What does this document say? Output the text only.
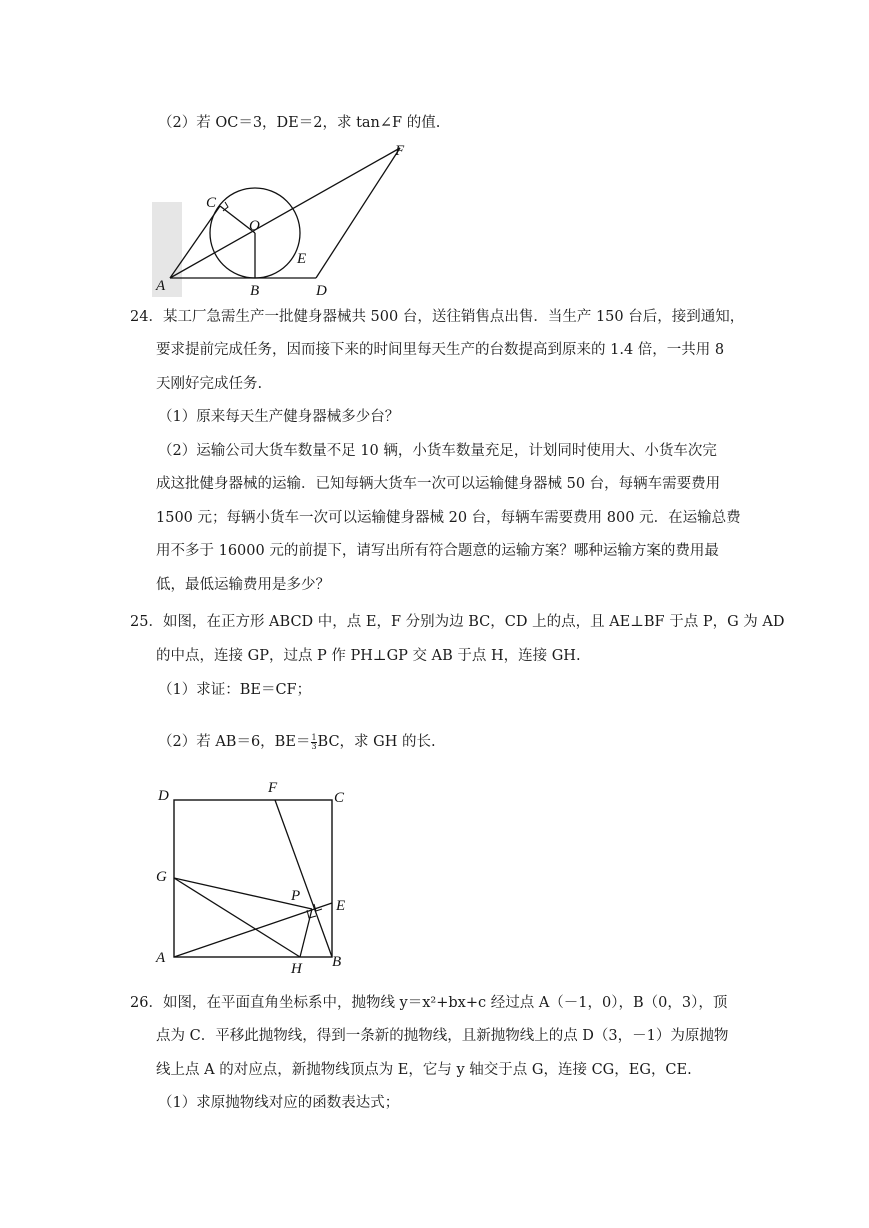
（2）若 OC＝3，DE＝2，求 tan∠F 的值.
C
O
F
E
A	B	D
24．某工厂急需生产一批健身器械共 500 台，送往销售点出售．当生产 150 台后，接到通知，
要求提前完成任务，因而接下来的时间里每天生产的台数提高到原来的 1.4 倍，一共用 8
天刚好完成任务.
（1）原来每天生产健身器械多少台？
（2）运输公司大货车数量不足 10 辆，小货车数量充足，计划同时使用大、小货车次完
成这批健身器械的运输．已知每辆大货车一次可以运输健身器械 50 台，每辆车需要费用
1500 元；每辆小货车一次可以运输健身器械 20 台，每辆车需要费用 800 元．在运输总费
用不多于 16000 元的前提下，请写出所有符合题意的运输方案？哪种运输方案的费用最
低，最低运输费用是多少？
25．如图，在正方形 ABCD 中，点 E，F 分别为边 BC，CD 上的点，且 AE⊥BF 于点 P，G 为 AD
的中点，连接 GP，过点 P 作 PH⊥GP 交 AB 于点 H，连接 GH.
（1）求证：BE＝CF；
（2）若 AB＝6，$BE= \frac{1}{3}$ BC，求 GH 的长.
D	F
C
G
P
E
A
H B
26．如图，在平面直角坐标系中，抛物线 y＝x²+bx+c 经过点 A（－1，0），B（0，3），顶
点为 C．平移此抛物线，得到一条新的抛物线，且新抛物线上的点 D（3，－1）为原抛物
线上点 A 的对应点，新抛物线顶点为 E，它与 y 轴交于点 G，连接 CG，EG，CE.
（1）求原抛物线对应的函数表达式；
